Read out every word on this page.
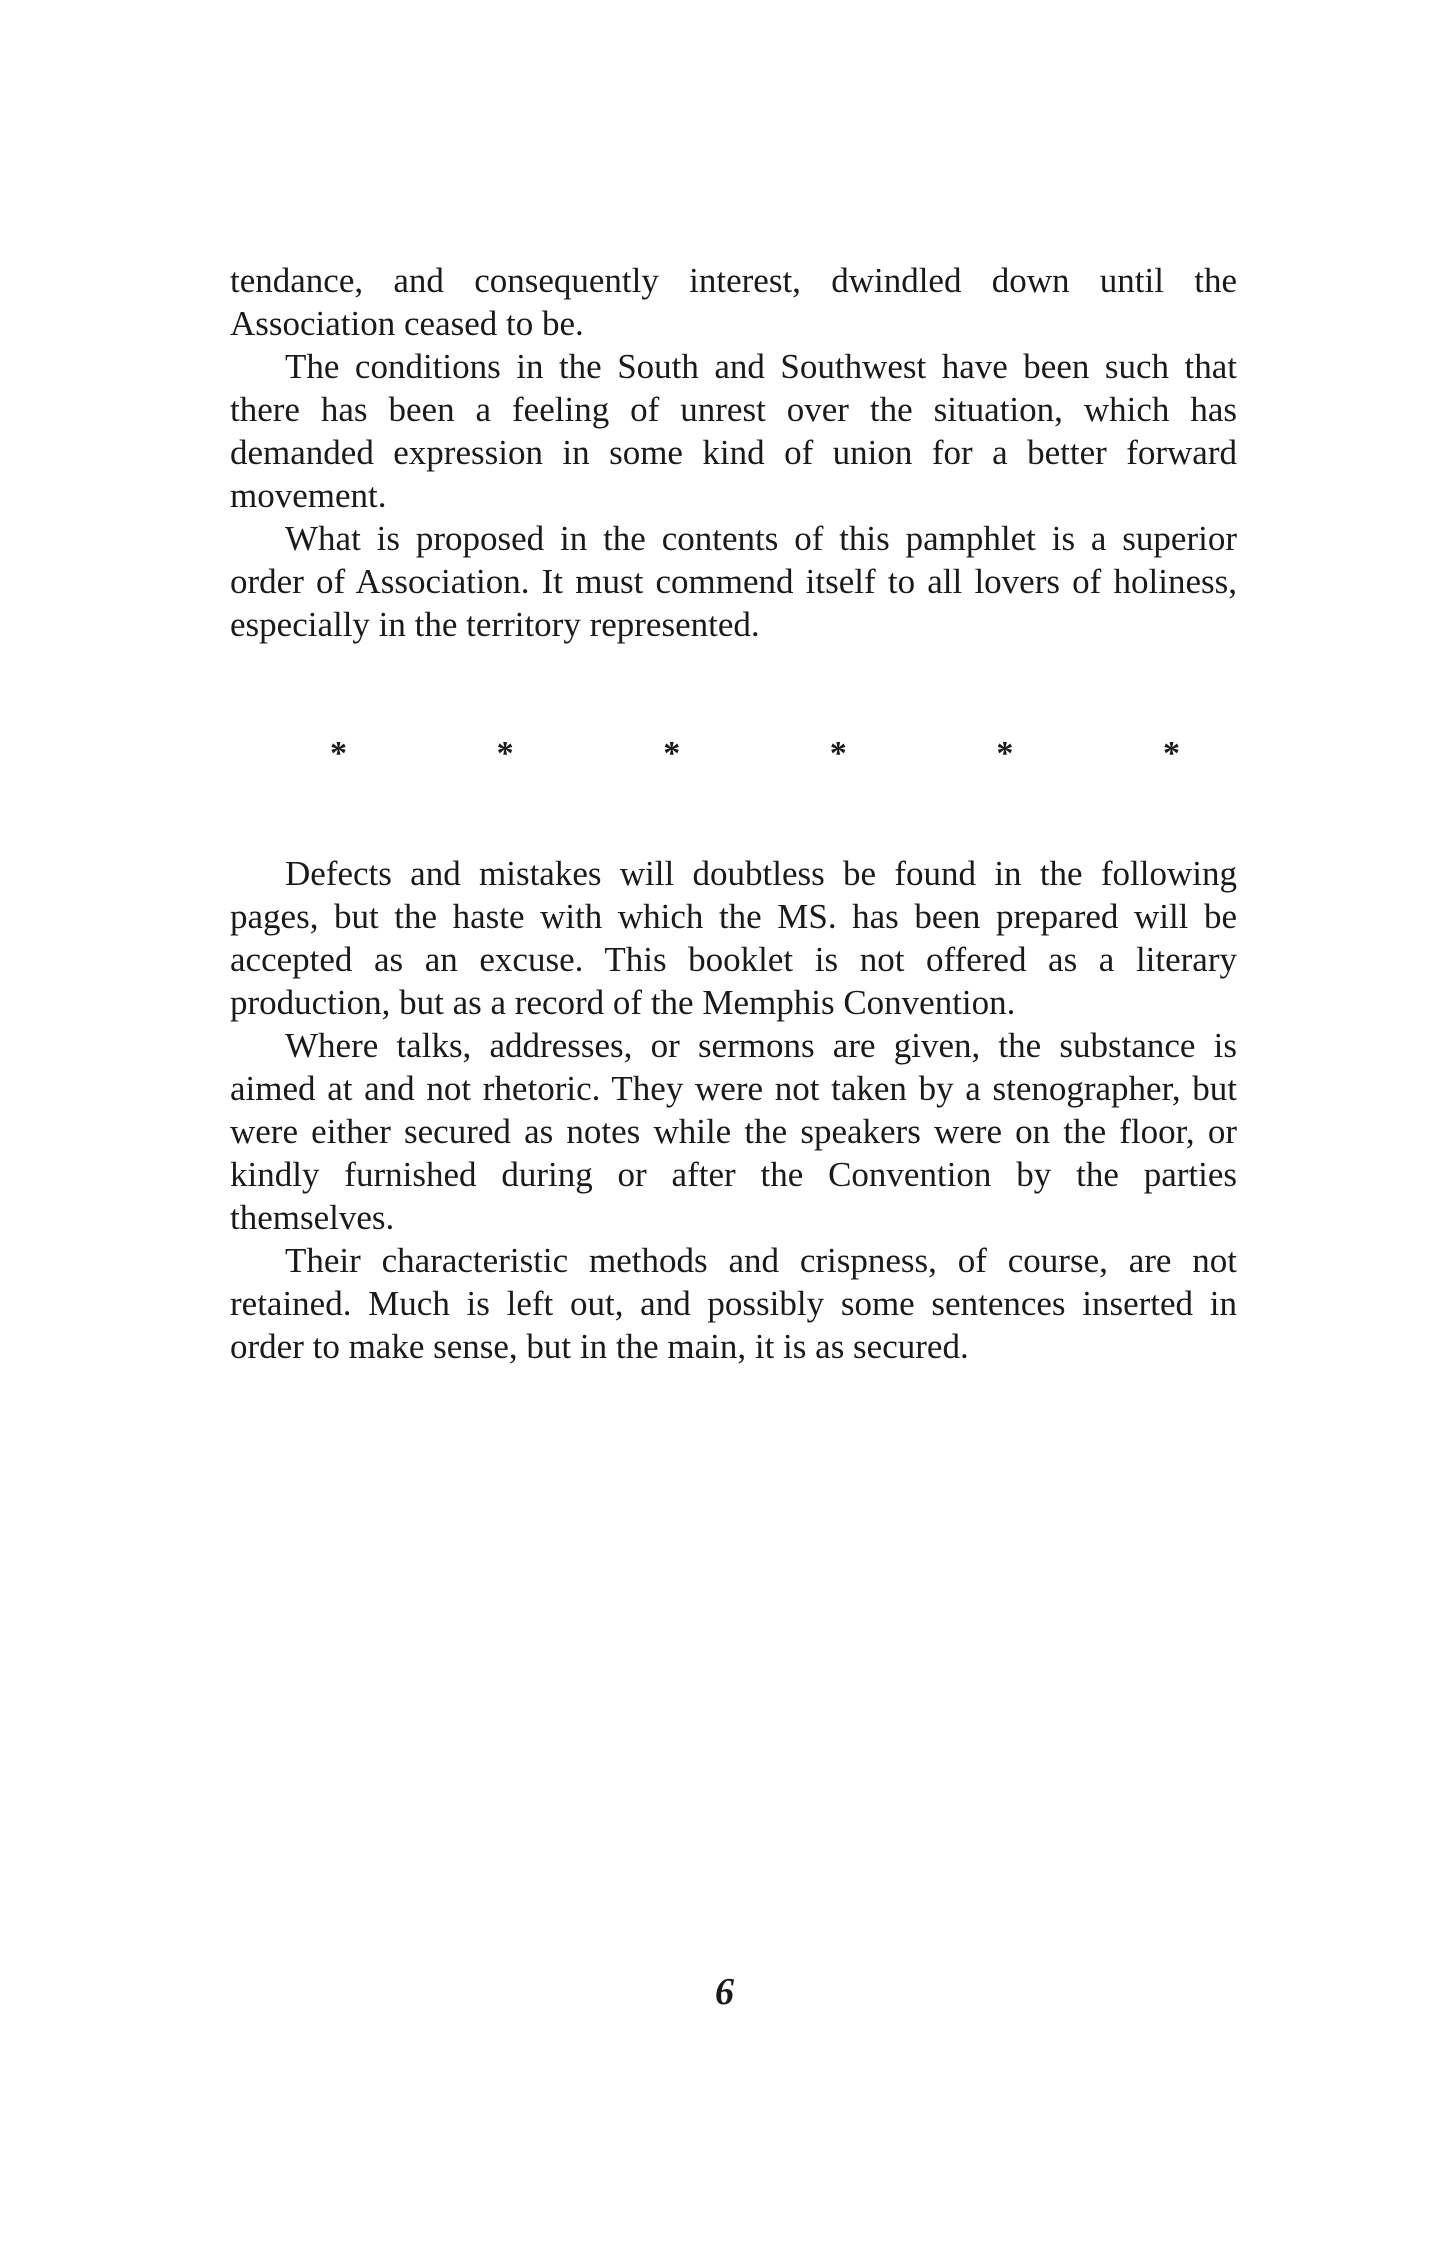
tendance, and consequently interest, dwindled down until the Association ceased to be.

The conditions in the South and Southwest have been such that there has been a feeling of unrest over the situation, which has demanded expression in some kind of union for a better forward movement.

What is proposed in the contents of this pamphlet is a superior order of Association. It must commend itself to all lovers of holiness, especially in the territory represented.

*	*	*	*	*	*

Defects and mistakes will doubtless be found in the following pages, but the haste with which the MS. has been prepared will be accepted as an excuse. This booklet is not offered as a literary production, but as a record of the Memphis Convention.

Where talks, addresses, or sermons are given, the substance is aimed at and not rhetoric. They were not taken by a stenographer, but were either secured as notes while the speakers were on the floor, or kindly furnished during or after the Convention by the parties themselves.

Their characteristic methods and crispness, of course, are not retained. Much is left out, and possibly some sentences inserted in order to make sense, but in the main, it is as secured.

6
